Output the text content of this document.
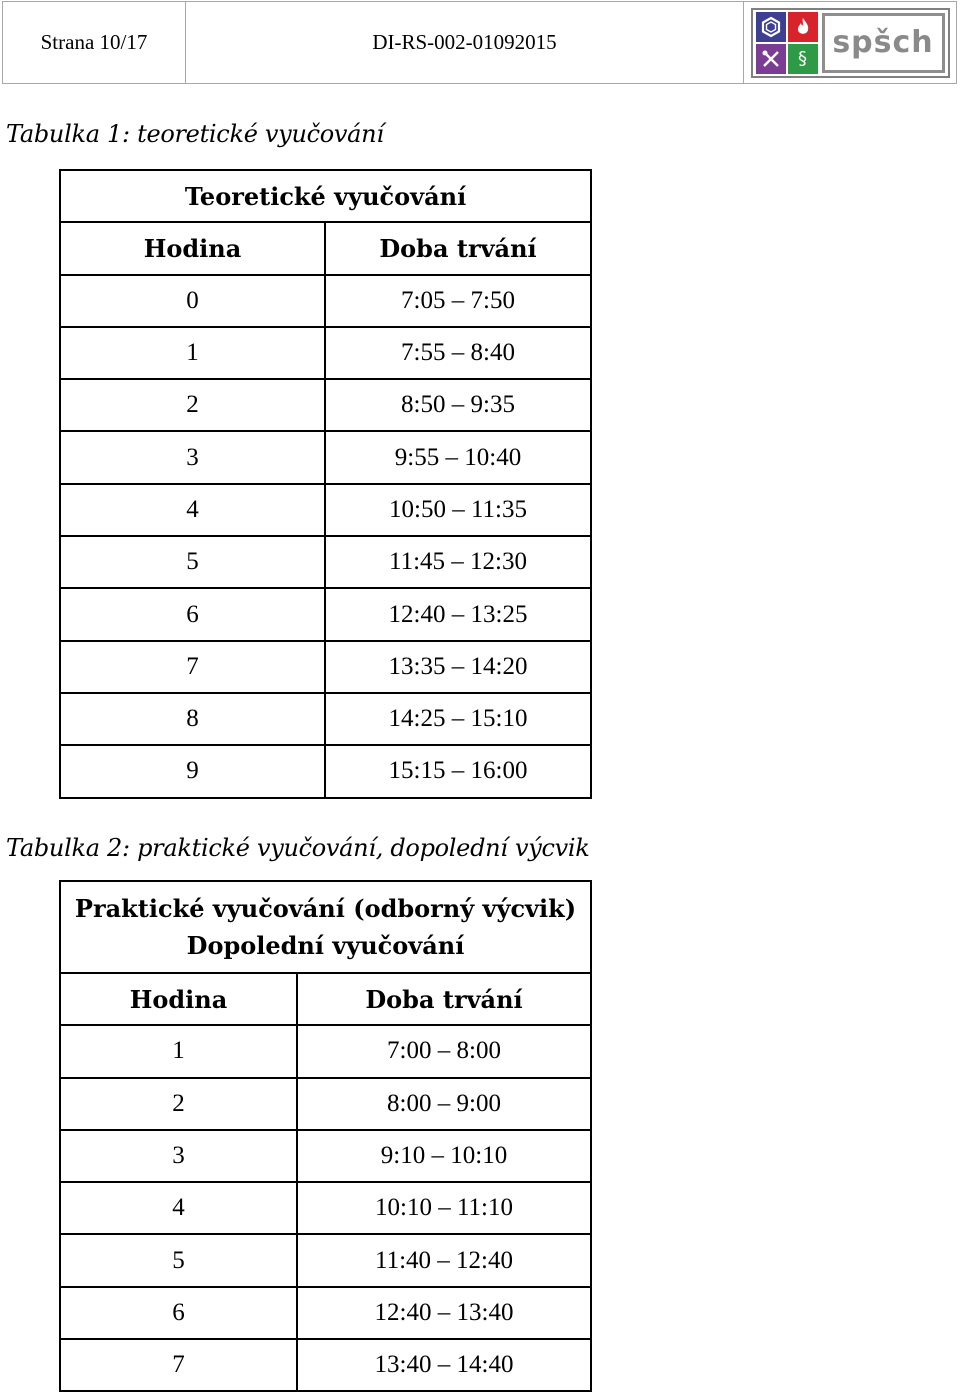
Strana 10/17	DI-RS-002-01092015
§ spšch
Tabulka 1: teoretické vyučování
Teoretické vyučování	
Hodina	Doba trvání
0	7:05 – 7:50
1	7:55 – 8:40
2	8:50 – 9:35
3	9:55 – 10:40
4	10:50 – 11:35
5	11:45 – 12:30
6	12:40 – 13:25
7	13:35 – 14:20
8	14:25 – 15:10
9	15:15 – 16:00
Tabulka 2: praktické vyučování, dopolední výcvik
Praktické vyučování (odborný výcvik)
Dopolední vyučování	

Hodina	Doba trvání
1	7:00 – 8:00
2	8:00 – 9:00
3	9:10 – 10:10
4	10:10 – 11:10
5	11:40 – 12:40
6	12:40 – 13:40
7	13:40 – 14:40
